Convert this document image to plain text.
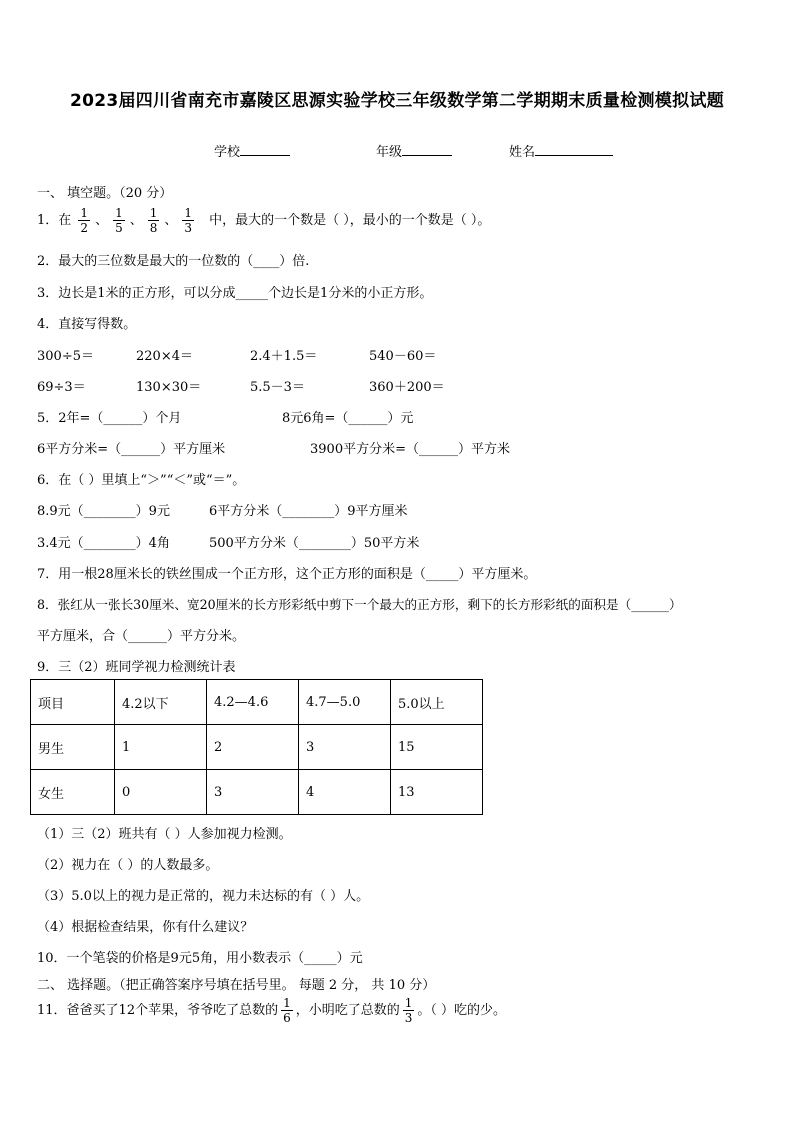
2023届四川省南充市嘉陵区思源实验学校三年级数学第二学期期末质量检测模拟试题
学校	年级	姓名
一、 填空题。（20 分）
1．在 $\frac{1}{2}$ 、 $\frac{1}{5}$ 、 $\frac{1}{8}$ 、 $\frac{1}{3}$ 中，最大的一个数是（ ），最小的一个数是（ ）。
2．最大的三位数是最大的一位数的（____）倍.
3．边长是1米的正方形，可以分成_____个边长是1分米的小正方形。
4．直接写得数。
300÷5＝	220×4＝	2.4＋1.5＝	540－60＝
69÷3＝	130×30＝	5.5－3＝	360＋200＝
5．2年=（______）个月	8元6角=（______）元
6平方分米=（______）平方厘米	3900平方分米=（______）平方米
6．在（ ）里填上“＞”“＜”或“＝”。
8.9元（________）9元	6平方分米（________）9平方厘米
3.4元（________）4角	500平方分米（________）50平方米
7．用一根28厘米长的铁丝围成一个正方形，这个正方形的面积是（_____）平方厘米。
8．张红从一张长30厘米、宽20厘米的长方形彩纸中剪下一个最大的正方形，剩下的长方形彩纸的面积是（______）
平方厘米，合（______）平方分米。
9．三（2）班同学视力检测统计表
项目	4.2以下	4.2—4.6	4.7—5.0	5.0以上
男生	1	2	3	15
女生	0	3	4	13
（1）三（2）班共有（ ）人参加视力检测。
（2）视力在（ ）的人数最多。
（3）5.0以上的视力是正常的，视力未达标的有（ ）人。
（4）根据检查结果，你有什么建议？
10．一个笔袋的价格是9元5角，用小数表示（_____）元
二、 选择题。（把正确答案序号填在括号里。 每题 2 分， 共 10 分）
11．爸爸买了12个苹果，爷爷吃了总数的 $\frac{1}{6}$ ，小明吃了总数的 $\frac{1}{3}$ 。（ ）吃的少。
